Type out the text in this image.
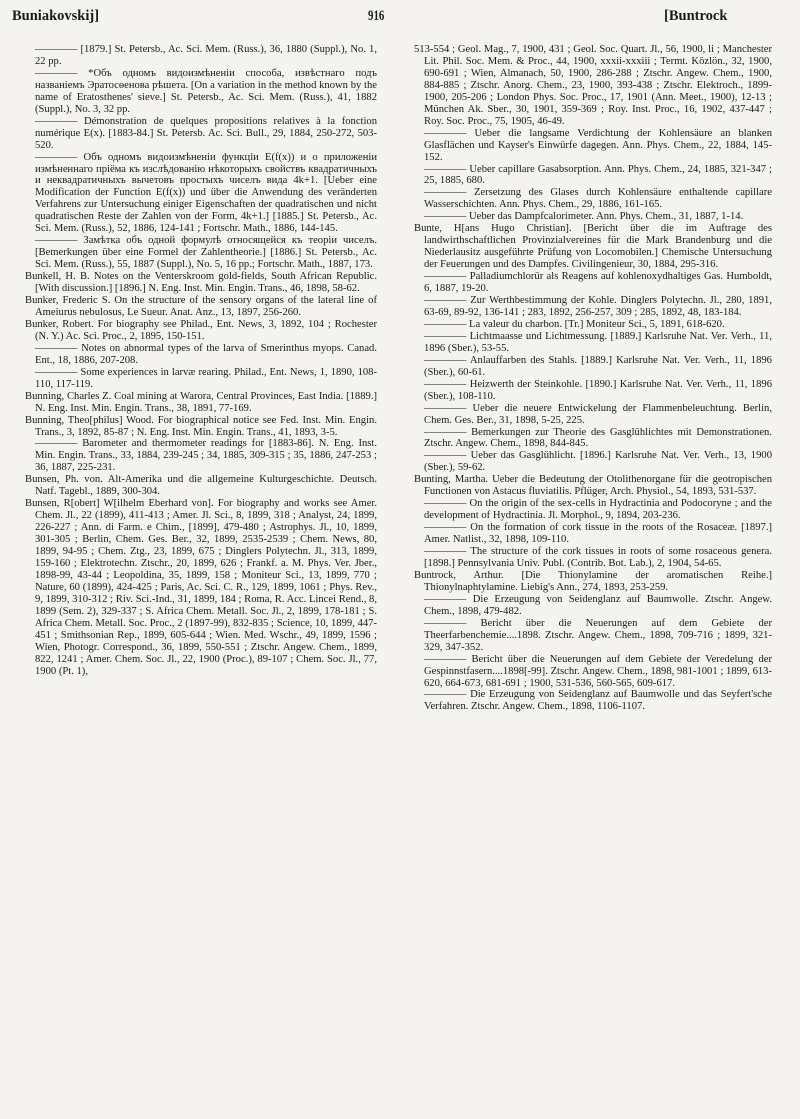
Buniakovskij]	916	[Buntrock

———— [1879.] St. Petersb., Ac. Sci. Mem. (Russ.), 36, 1880 (Suppl.), No. 1, 22 pp.

———— *Объ одномъ видоизмѣненіи способа, извѣстнаго подъ названіемъ Эратосѳенова рѣшета. [On a variation in the method known by the name of Eratosthenes' sieve.] St. Petersb., Ac. Sci. Mem. (Russ.), 41, 1882 (Suppl.), No. 3, 32 pp.

———— Démonstration de quelques propositions relatives à la fonction numérique E(x). [1883-84.] St. Petersb. Ac. Sci. Bull., 29, 1884, 250-272, 503-520.

———— Объ одномъ видоизмѣненіи функціи E(f(x)) и о приложеніи измѣненнаго пріёма къ изслѣдованію нѣкоторыхъ свойствъ квадратичныхъ и неквадратичныхъ вычетовъ простыхъ чиселъ вида 4k+1. [Ueber eine Modification der Function E(f(x)) und über die Anwendung des veränderten Verfahrens zur Untersuchung einiger Eigenschaften der quadratischen und nicht quadratischen Reste der Zahlen von der Form, 4k+1.] [1885.] St. Petersb., Ac. Sci. Mem. (Russ.), 52, 1886, 124-141 ; Fortschr. Math., 1886, 144-145.

———— Замѣтка объ одной формулѣ относящейся къ теоріи чиселъ. [Bemerkungen über eine Formel der Zahlentheorie.] [1886.] St. Petersb., Ac. Sci. Mem. (Russ.), 55, 1887 (Suppl.), No. 5, 16 pp.; Fortschr. Math., 1887, 173.

Bunkell, H. B. Notes on the Venterskroom gold-fields, South African Republic. [With discussion.] [1896.] N. Eng. Inst. Min. Engin. Trans., 46, 1898, 58-62.

Bunker, Frederic S. On the structure of the sensory organs of the lateral line of Ameiurus nebulosus, Le Sueur. Anat. Anz., 13, 1897, 256-260.

Bunker, Robert. For biography see Philad., Ent. News, 3, 1892, 104 ; Rochester (N. Y.) Ac. Sci. Proc., 2, 1895, 150-151.

———— Notes on abnormal types of the larva of Smerinthus myops. Canad. Ent., 18, 1886, 207-208.

———— Some experiences in larvæ rearing. Philad., Ent. News, 1, 1890, 108-110, 117-119.

Bunning, Charles Z. Coal mining at Warora, Central Provinces, East India. [1889.] N. Eng. Inst. Min. Engin. Trans., 38, 1891, 77-169.

Bunning, Theo[philus] Wood. For biographical notice see Fed. Inst. Min. Engin. Trans., 3, 1892, 85-87 ; N. Eng. Inst. Min. Engin. Trans., 41, 1893, 3-5.

———— Barometer and thermometer readings for [1883-86]. N. Eng. Inst. Min. Engin. Trans., 33, 1884, 239-245 ; 34, 1885, 309-315 ; 35, 1886, 247-253 ; 36, 1887, 225-231.

Bunsen, Ph. von. Alt-Amerika und die allgemeine Kulturgeschichte. Deutsch. Natf. Tagebl., 1889, 300-304.

Bunsen, R[obert] W[ilhelm Eberhard von]. For biography and works see Amer. Chem. Jl., 22 (1899), 411-413 ; Amer. Jl. Sci., 8, 1899, 318 ; Analyst, 24, 1899, 226-227 ; Ann. di Farm. e Chim., [1899], 479-480 ; Astrophys. Jl., 10, 1899, 301-305 ; Berlin, Chem. Ges. Ber., 32, 1899, 2535-2539 ; Chem. News, 80, 1899, 94-95 ; Chem. Ztg., 23, 1899, 675 ; Dinglers Polytechn. Jl., 313, 1899, 159-160 ; Elektrotechn. Ztschr., 20, 1899, 626 ; Frankf. a. M. Phys. Ver. Jber., 1898-99, 43-44 ; Leopoldina, 35, 1899, 158 ; Moniteur Sci., 13, 1899, 770 ; Nature, 60 (1899), 424-425 ; Paris, Ac. Sci. C. R., 129, 1899, 1061 ; Phys. Rev., 9, 1899, 310-312 ; Riv. Sci.-Ind., 31, 1899, 184 ; Roma, R. Acc. Lincei Rend., 8, 1899 (Sem. 2), 329-337 ; S. Africa Chem. Metall. Soc. Jl., 2, 1899, 178-181 ; S. Africa Chem. Metall. Soc. Proc., 2 (1897-99), 832-835 ; Science, 10, 1899, 447-451 ; Smithsonian Rep., 1899, 605-644 ; Wien. Med. Wschr., 49, 1899, 1596 ; Wien, Photogr. Correspond., 36, 1899, 550-551 ; Ztschr. Angew. Chem., 1899, 822, 1241 ; Amer. Chem. Soc. Jl., 22, 1900 (Proc.), 89-107 ; Chem. Soc. Jl., 77, 1900 (Pt. 1),

513-554 ; Geol. Mag., 7, 1900, 431 ; Geol. Soc. Quart. Jl., 56, 1900, li ; Manchester Lit. Phil. Soc. Mem. & Proc., 44, 1900, xxxii-xxxiii ; Termt. Közlön., 32, 1900, 690-691 ; Wien, Almanach, 50, 1900, 286-288 ; Ztschr. Angew. Chem., 1900, 884-885 ; Ztschr. Anorg. Chem., 23, 1900, 393-438 ; Ztschr. Elektroch., 1899-1900, 205-206 ; London Phys. Soc. Proc., 17, 1901 (Ann. Meet., 1900), 12-13 ; München Ak. Sber., 30, 1901, 359-369 ; Roy. Inst. Proc., 16, 1902, 437-447 ; Roy. Soc. Proc., 75, 1905, 46-49.

———— Ueber die langsame Verdichtung der Kohlensäure an blanken Glasflächen und Kayser's Einwürfe dagegen. Ann. Phys. Chem., 22, 1884, 145-152.

———— Ueber capillare Gasabsorption. Ann. Phys. Chem., 24, 1885, 321-347 ; 25, 1885, 680.

———— Zersetzung des Glases durch Kohlensäure enthaltende capillare Wasserschichten. Ann. Phys. Chem., 29, 1886, 161-165.

———— Ueber das Dampfcalorimeter. Ann. Phys. Chem., 31, 1887, 1-14.

Bunte, H[ans Hugo Christian]. [Bericht über die im Auftrage des landwirthschaftlichen Provinzialvereines für die Mark Brandenburg und die Niederlausitz ausgeführte Prüfung von Locomobilen.] Chemische Untersuchung der Feuerungen und des Dampfes. Civilingenieur, 30, 1884, 295-316.

———— Palladiumchlorür als Reagens auf kohlenoxydhaltiges Gas. Humboldt, 6, 1887, 19-20.

———— Zur Werthbestimmung der Kohle. Dinglers Polytechn. Jl., 280, 1891, 63-69, 89-92, 136-141 ; 283, 1892, 256-257, 309 ; 285, 1892, 48, 183-184.

———— La valeur du charbon. [Tr.] Moniteur Sci., 5, 1891, 618-620.

———— Lichtmaasse und Lichtmessung. [1889.] Karlsruhe Nat. Ver. Verh., 11, 1896 (Sber.), 53-55.

———— Anlauffarben des Stahls. [1889.] Karlsruhe Nat. Ver. Verh., 11, 1896 (Sber.), 60-61.

———— Heizwerth der Steinkohle. [1890.] Karlsruhe Nat. Ver. Verh., 11, 1896 (Sber.), 108-110.

———— Ueber die neuere Entwickelung der Flammenbeleuchtung. Berlin, Chem. Ges. Ber., 31, 1898, 5-25, 225.

———— Bemerkungen zur Theorie des Gasglühlichtes mit Demonstrationen. Ztschr. Angew. Chem., 1898, 844-845.

———— Ueber das Gasglühlicht. [1896.] Karlsruhe Nat. Ver. Verh., 13, 1900 (Sber.), 59-62.

Bunting, Martha. Ueber die Bedeutung der Otolithenorgane für die geotropischen Functionen von Astacus fluviatilis. Pflüger, Arch. Physiol., 54, 1893, 531-537.

———— On the origin of the sex-cells in Hydractinia and Podocoryne ; and the development of Hydractinia. Jl. Morphol., 9, 1894, 203-236.

———— On the formation of cork tissue in the roots of the Rosaceæ. [1897.] Amer. Natlist., 32, 1898, 109-110.

———— The structure of the cork tissues in roots of some rosaceous genera. [1898.] Pennsylvania Univ. Publ. (Contrib. Bot. Lab.), 2, 1904, 54-65.

Buntrock, Arthur. [Die Thionylamine der aromatischen Reihe.] Thionylnaphtylamine. Liebig's Ann., 274, 1893, 253-259.

———— Die Erzeugung von Seidenglanz auf Baumwolle. Ztschr. Angew. Chem., 1898, 479-482.

———— Bericht über die Neuerungen auf dem Gebiete der Theerfarbenchemie....1898. Ztschr. Angew. Chem., 1898, 709-716 ; 1899, 321-329, 347-352.

———— Bericht über die Neuerungen auf dem Gebiete der Veredelung der Gespinnstfasern....1898[-99]. Ztschr. Angew. Chem., 1898, 981-1001 ; 1899, 613-620, 664-673, 681-691 ; 1900, 531-536, 560-565, 609-617.

———— Die Erzeugung von Seidenglanz auf Baumwolle und das Seyfert'sche Verfahren. Ztschr. Angew. Chem., 1898, 1106-1107.
